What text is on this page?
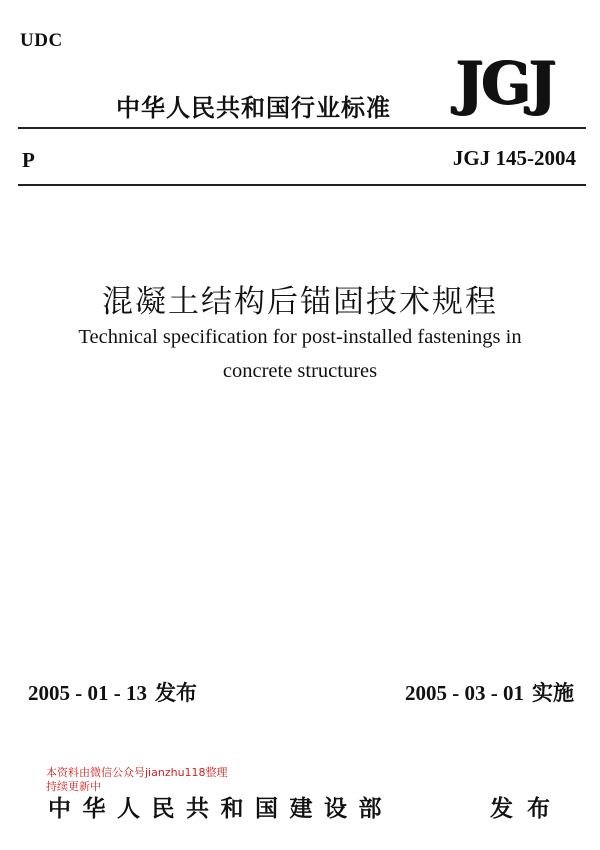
UDC
中华人民共和国行业标准 JGJ
P	JGJ 145-2004
混凝土结构后锚固技术规程
Technical specification for post-installed fastenings in
concrete structures
2005 - 01 - 13 发布	2005 - 03 - 01 实施
本资料由微信公众号jianzhu118整理
持续更新中
中华人民共和国建设部	发布
